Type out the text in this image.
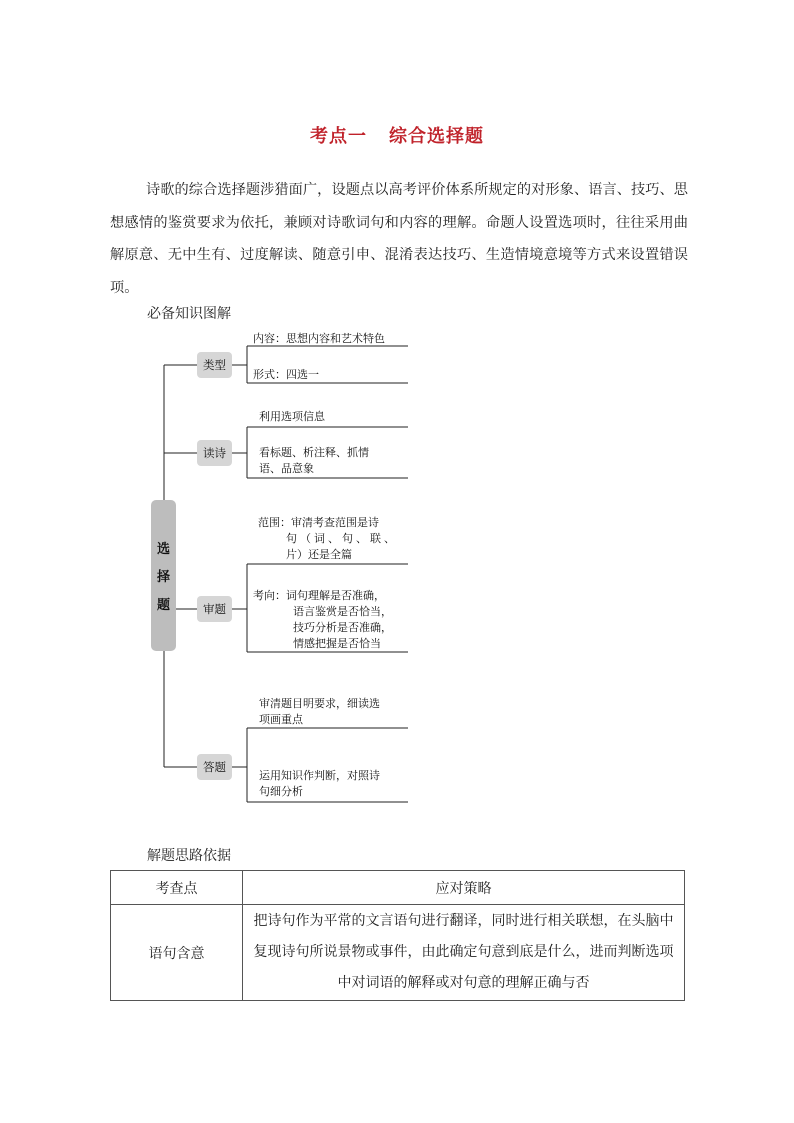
考点一 综合选择题
诗歌的综合选择题涉猎面广，设题点以高考评价体系所规定的对形象、语言、技巧、思想感情的鉴赏要求为依托，兼顾对诗歌词句和内容的理解。命题人设置选项时，往往采用曲解原意、无中生有、过度解读、随意引申、混淆表达技巧、生造情境意境等方式来设置错误项。
必备知识图解
选
择
题
类型
读诗
审题
答题
内容：思想内容和艺术特色
形式：四选一
利用选项信息
看标题、析注释、抓情
语、品意象
范围：审清考查范围是诗
句（词、句、联、
片）还是全篇
考向：词句理解是否准确，
语言鉴赏是否恰当，
技巧分析是否准确，
情感把握是否恰当
审清题目明要求，细读选
项画重点
运用知识作判断，对照诗
句细分析
解题思路依据
考查点	应对策略
语句含意	把诗句作为平常的文言语句进行翻译，同时进行相关联想，在头脑中复现诗句所说景物或事件，由此确定句意到底是什么，进而判断选项中对词语的解释或对句意的理解正确与否
